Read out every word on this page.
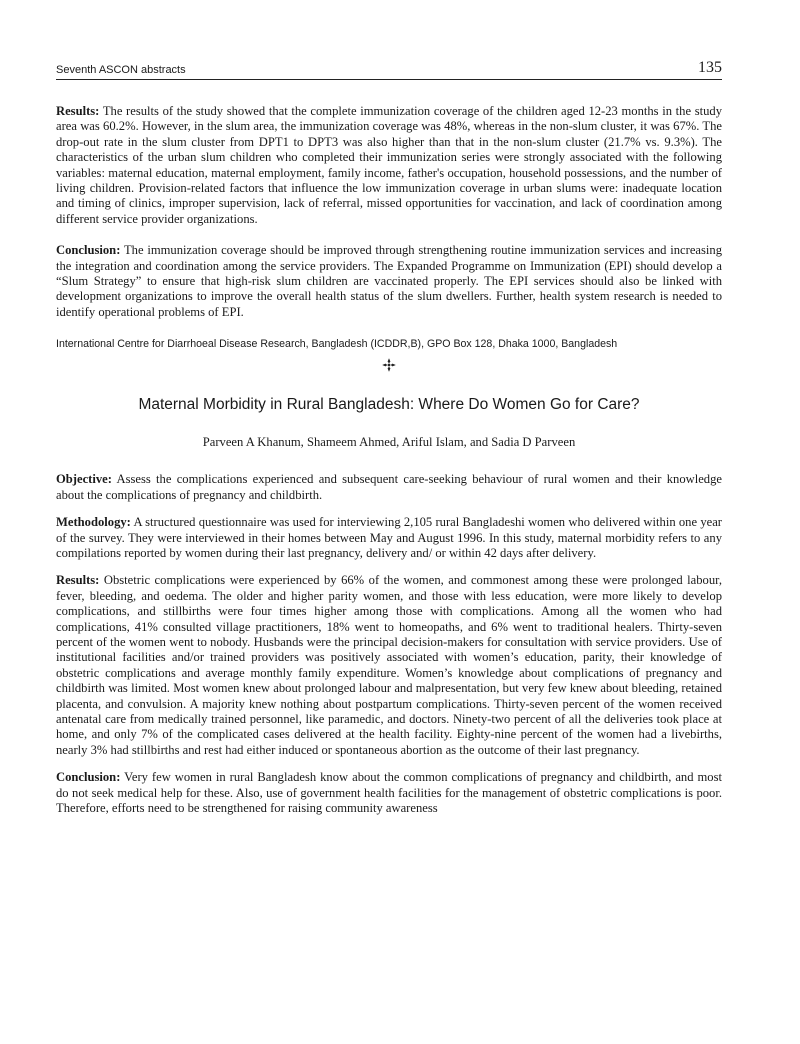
Seventh ASCON abstracts	135

Results: The results of the study showed that the complete immunization coverage of the children aged 12-23 months in the study area was 60.2%. However, in the slum area, the immunization coverage was 48%, whereas in the non-slum cluster, it was 67%. The drop-out rate in the slum cluster from DPT1 to DPT3 was also higher than that in the non-slum cluster (21.7% vs. 9.3%). The characteristics of the urban slum children who completed their immunization series were strongly associated with the following variables: maternal education, maternal employment, family income, father's occupation, household possessions, and the number of living children. Provision-related factors that influence the low immunization coverage in urban slums were: inadequate location and timing of clinics, improper supervision, lack of referral, missed opportunities for vaccination, and lack of coordination among different service provider organizations.

Conclusion: The immunization coverage should be improved through strengthening routine immunization services and increasing the integration and coordination among the service providers. The Expanded Programme on Immunization (EPI) should develop a “Slum Strategy” to ensure that high-risk slum children are vaccinated properly. The EPI services should also be linked with development organizations to improve the overall health status of the slum dwellers. Further, health system research is needed to identify operational problems of EPI.

International Centre for Diarrhoeal Disease Research, Bangladesh (ICDDR,B), GPO Box 128, Dhaka 1000, Bangladesh
Maternal Morbidity in Rural Bangladesh: Where Do Women Go for Care?
Parveen A Khanum, Shameem Ahmed, Ariful Islam, and Sadia D Parveen

Objective: Assess the complications experienced and subsequent care-seeking behaviour of rural women and their knowledge about the complications of pregnancy and childbirth.

Methodology: A structured questionnaire was used for interviewing 2,105 rural Bangladeshi women who delivered within one year of the survey. They were interviewed in their homes between May and August 1996. In this study, maternal morbidity refers to any compilations reported by women during their last pregnancy, delivery and/ or within 42 days after delivery.

Results: Obstetric complications were experienced by 66% of the women, and commonest among these were prolonged labour, fever, bleeding, and oedema. The older and higher parity women, and those with less education, were more likely to develop complications, and stillbirths were four times higher among those with complications. Among all the women who had complications, 41% consulted village practitioners, 18% went to homeopaths, and 6% went to traditional healers. Thirty-seven percent of the women went to nobody. Husbands were the principal decision-makers for consultation with service providers. Use of institutional facilities and/or trained providers was positively associated with women’s education, parity, their knowledge of obstetric complications and average monthly family expenditure. Women’s knowledge about complications of pregnancy and childbirth was limited. Most women knew about prolonged labour and malpresentation, but very few knew about bleeding, retained placenta, and convulsion. A majority knew nothing about postpartum complications. Thirty-seven percent of the women received antenatal care from medically trained personnel, like paramedic, and doctors. Ninety-two percent of all the deliveries took place at home, and only 7% of the complicated cases delivered at the health facility. Eighty-nine percent of the women had a livebirths, nearly 3% had stillbirths and rest had either induced or spontaneous abortion as the outcome of their last pregnancy.

Conclusion: Very few women in rural Bangladesh know about the common complications of pregnancy and childbirth, and most do not seek medical help for these. Also, use of government health facilities for the management of obstetric complications is poor. Therefore, efforts need to be strengthened for raising community awareness
